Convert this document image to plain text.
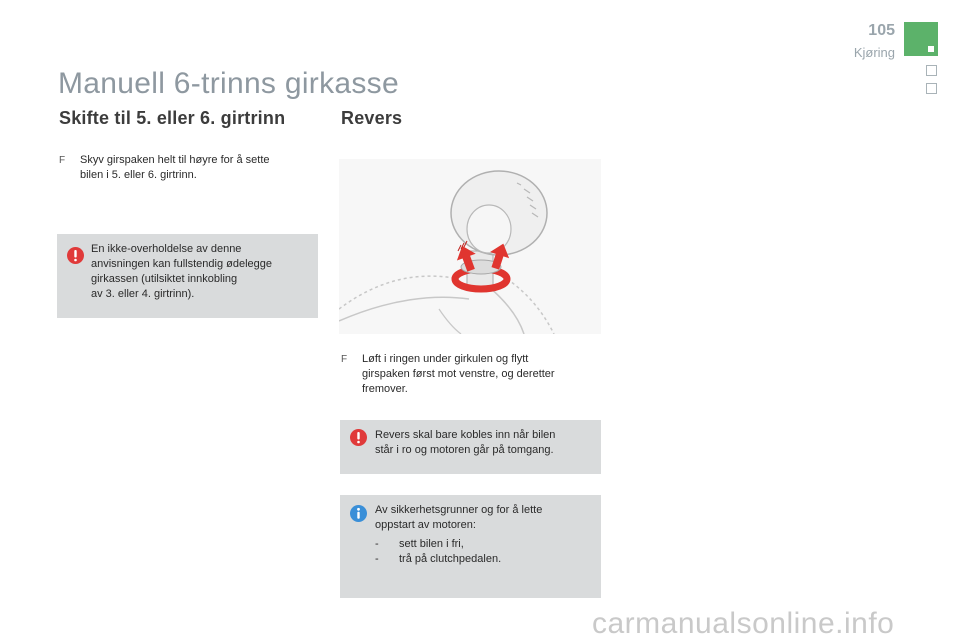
105
Kjøring
Manuell 6-trinns girkasse
Skifte til 5. eller 6. girtrinn
F	Skyv girspaken helt til høyre for å sette
bilen i 5. eller 6. girtrinn.
En ikke-overholdelse av denne
anvisningen kan fullstendig ødelegge
girkassen (utilsiktet innkobling
av 3. eller 4. girtrinn).
Revers
F	Løft i ringen under girkulen og flytt
girspaken først mot venstre, og deretter
fremover.
Revers skal bare kobles inn når bilen
står i ro og motoren går på tomgang.
Av sikkerhetsgrunner og for å lette
oppstart av motoren:
- sett bilen i fri,
- trå på clutchpedalen.
carmanualsonline.info
